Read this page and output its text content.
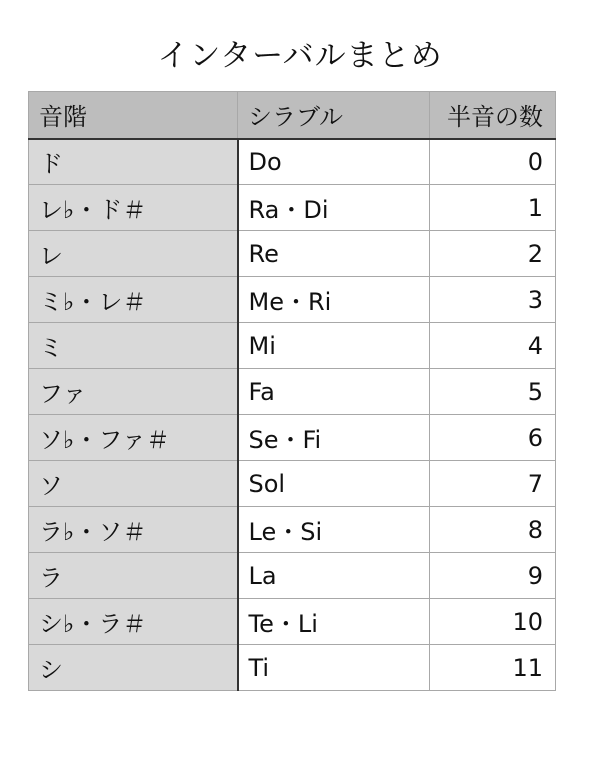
インターバルまとめ
音階	シラブル	半音の数
ド	Do	0
レ♭・ド＃	Ra・Di	1
レ	Re	2
ミ♭・レ＃	Me・Ri	3
ミ	Mi	4
ファ	Fa	5
ソ♭・ファ＃	Se・Fi	6
ソ	Sol	7
ラ♭・ソ＃	Le・Si	8
ラ	La	9
シ♭・ラ＃	Te・Li	10
シ	Ti	11
